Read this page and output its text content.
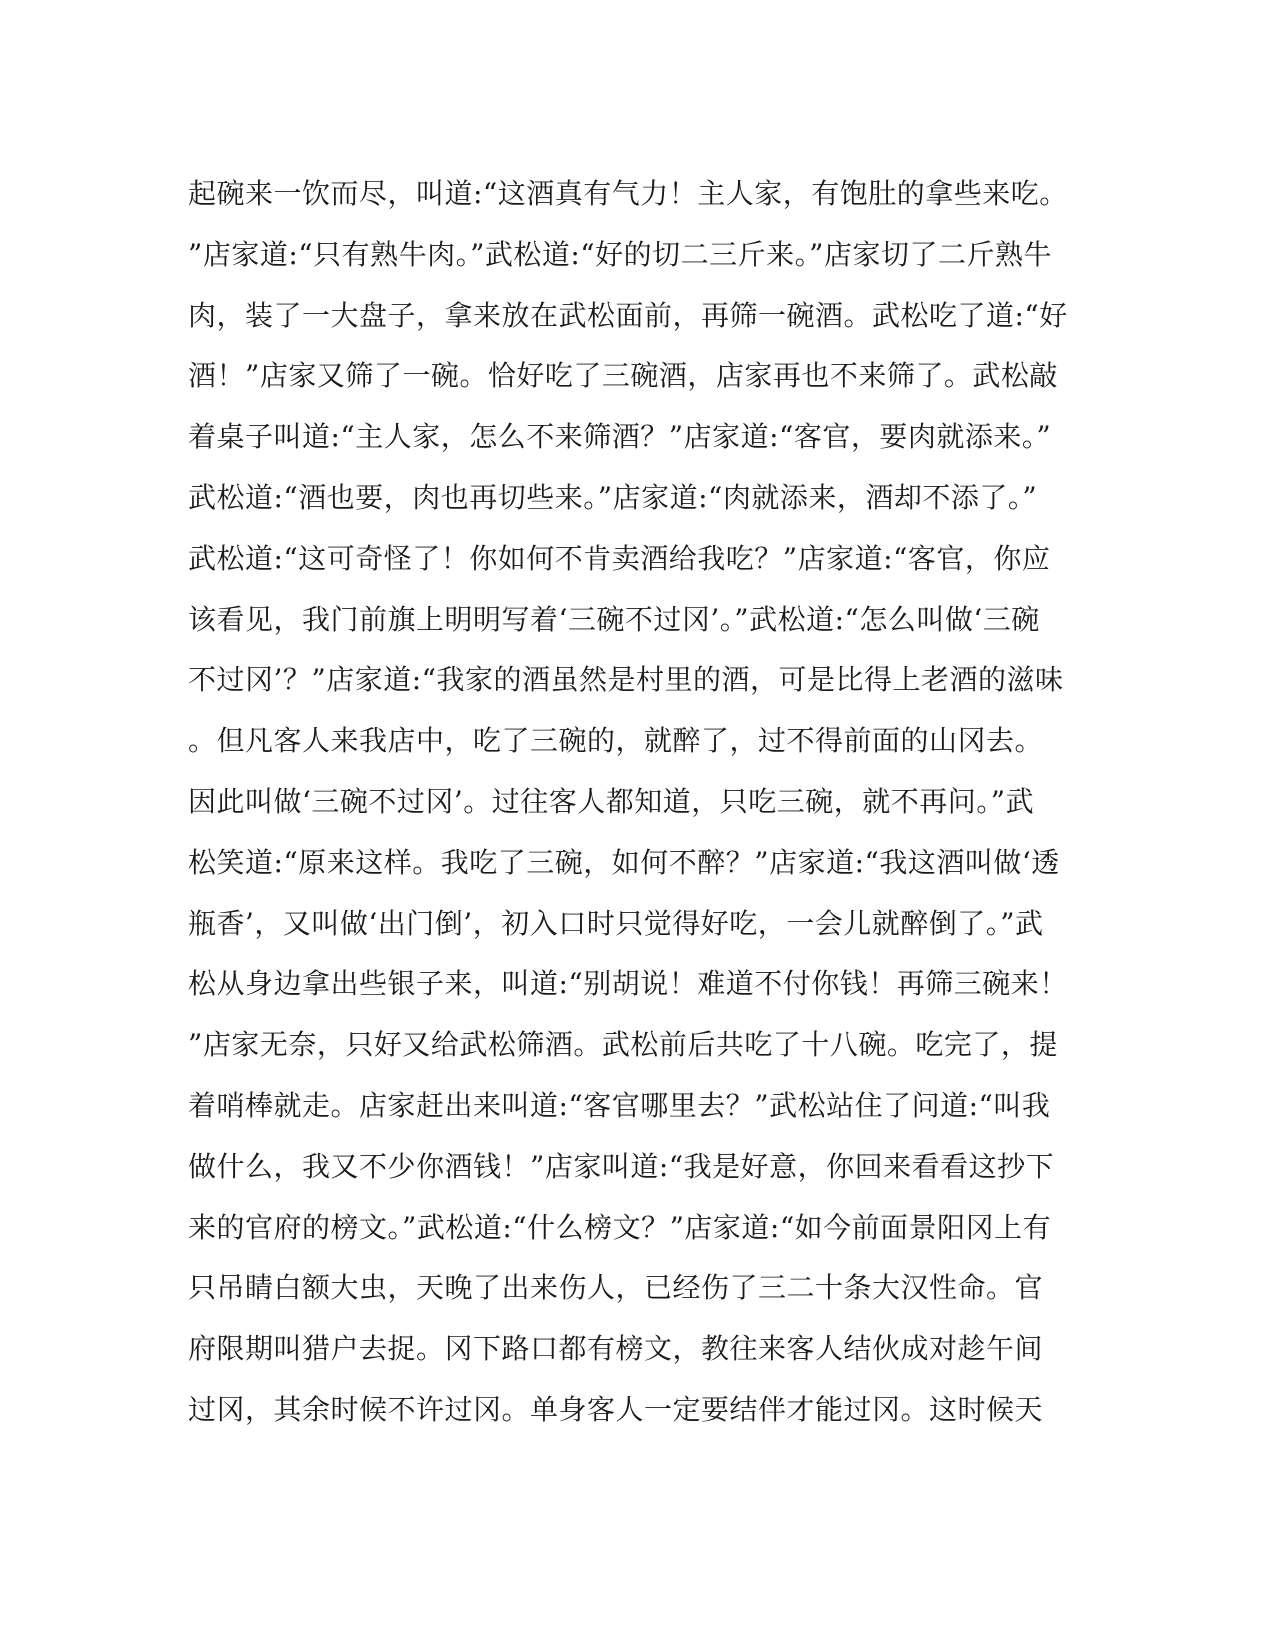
起碗来一饮而尽，叫道:“这酒真有气力！主人家，有饱肚的拿些来吃。
”店家道:“只有熟牛肉。”武松道:“好的切二三斤来。”店家切了二斤熟牛
肉，装了一大盘子，拿来放在武松面前，再筛一碗酒。武松吃了道:“好
酒！”店家又筛了一碗。恰好吃了三碗酒，店家再也不来筛了。武松敲
着桌子叫道:“主人家，怎么不来筛酒？”店家道:“客官，要肉就添来。”
武松道:“酒也要，肉也再切些来。”店家道:“肉就添来，酒却不添了。”
武松道:“这可奇怪了！你如何不肯卖酒给我吃？”店家道:“客官，你应
该看见，我门前旗上明明写着‘三碗不过冈’。”武松道:“怎么叫做‘三碗
不过冈’？”店家道:“我家的酒虽然是村里的酒，可是比得上老酒的滋味
。但凡客人来我店中，吃了三碗的，就醉了，过不得前面的山冈去。
因此叫做‘三碗不过冈’。过往客人都知道，只吃三碗，就不再问。”武
松笑道:“原来这样。我吃了三碗，如何不醉？”店家道:“我这酒叫做‘透
瓶香’，又叫做‘出门倒’，初入口时只觉得好吃，一会儿就醉倒了。”武
松从身边拿出些银子来，叫道:“别胡说！难道不付你钱！再筛三碗来！
”店家无奈，只好又给武松筛酒。武松前后共吃了十八碗。吃完了，提
着哨棒就走。店家赶出来叫道:“客官哪里去？”武松站住了问道:“叫我
做什么，我又不少你酒钱！”店家叫道:“我是好意，你回来看看这抄下
来的官府的榜文。”武松道:“什么榜文？”店家道:“如今前面景阳冈上有
只吊睛白额大虫，天晚了出来伤人，已经伤了三二十条大汉性命。官
府限期叫猎户去捉。冈下路口都有榜文，教往来客人结伙成对趁午间
过冈，其余时候不许过冈。单身客人一定要结伴才能过冈。这时候天
